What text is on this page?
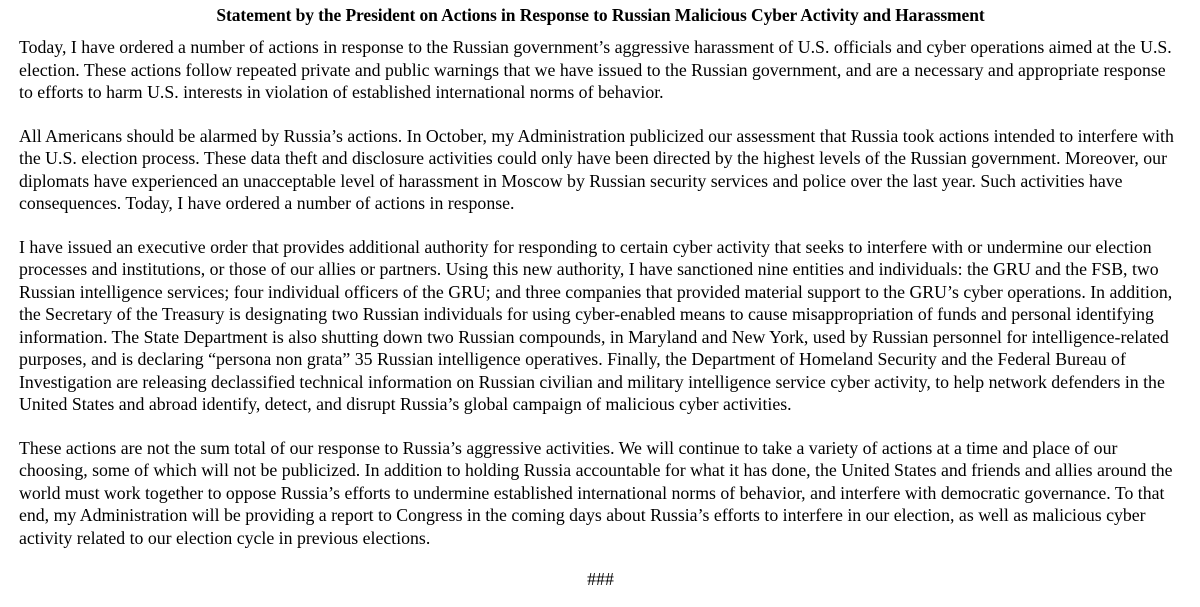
Statement by the President on Actions in Response to Russian Malicious Cyber Activity and Harassment

Today, I have ordered a number of actions in response to the Russian government’s aggressive harassment of U.S. officials and cyber operations aimed at the U.S. election. These actions follow repeated private and public warnings that we have issued to the Russian government, and are a necessary and appropriate response to efforts to harm U.S. interests in violation of established international norms of behavior.

All Americans should be alarmed by Russia’s actions. In October, my Administration publicized our assessment that Russia took actions intended to interfere with the U.S. election process. These data theft and disclosure activities could only have been directed by the highest levels of the Russian government. Moreover, our diplomats have experienced an unacceptable level of harassment in Moscow by Russian security services and police over the last year. Such activities have consequences. Today, I have ordered a number of actions in response.

I have issued an executive order that provides additional authority for responding to certain cyber activity that seeks to interfere with or undermine our election processes and institutions, or those of our allies or partners. Using this new authority, I have sanctioned nine entities and individuals: the GRU and the FSB, two Russian intelligence services; four individual officers of the GRU; and three companies that provided material support to the GRU’s cyber operations. In addition, the Secretary of the Treasury is designating two Russian individuals for using cyber-enabled means to cause misappropriation of funds and personal identifying information. The State Department is also shutting down two Russian compounds, in Maryland and New York, used by Russian personnel for intelligence-related purposes, and is declaring “persona non grata” 35 Russian intelligence operatives. Finally, the Department of Homeland Security and the Federal Bureau of Investigation are releasing declassified technical information on Russian civilian and military intelligence service cyber activity, to help network defenders in the United States and abroad identify, detect, and disrupt Russia’s global campaign of malicious cyber activities.

These actions are not the sum total of our response to Russia’s aggressive activities. We will continue to take a variety of actions at a time and place of our choosing, some of which will not be publicized. In addition to holding Russia accountable for what it has done, the United States and friends and allies around the world must work together to oppose Russia’s efforts to undermine established international norms of behavior, and interfere with democratic governance. To that end, my Administration will be providing a report to Congress in the coming days about Russia’s efforts to interfere in our election, as well as malicious cyber activity related to our election cycle in previous elections.

###
